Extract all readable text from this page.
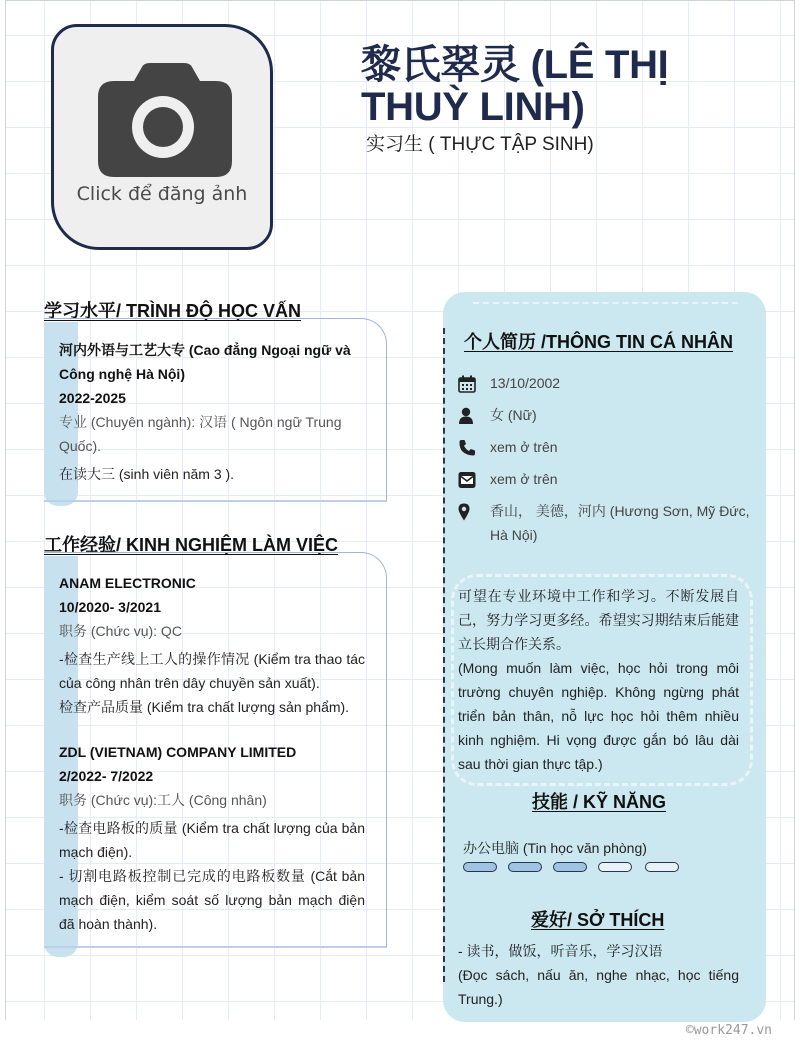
Click để đăng ảnh
黎氏翠灵 (LÊ THỊ THUỲ LINH)
实习生 ( THỰC TẬP SINH)
学习水平/ TRÌNH ĐỘ HỌC VẤN
河内外语与工艺大专 (Cao đẳng Ngoại ngữ và Công nghệ Hà Nội)
2022-2025
专业 (Chuyên ngành): 汉语 ( Ngôn ngữ Trung Quốc).
在读大三 (sinh viên năm 3 ).
工作经验/ KINH NGHIỆM LÀM VIỆC
ANAM ELECTRONIC
10/2020- 3/2021
职务 (Chức vụ): QC
-检查生产线上工人的操作情况 (Kiểm tra thao tác của công nhân trên dây chuyền sản xuất).
检查产品质量 (Kiểm tra chất lượng sản phẩm).
ZDL (VIETNAM) COMPANY LIMITED
2/2022- 7/2022
职务 (Chức vụ):工人 (Công nhân)
-检查电路板的质量 (Kiểm tra chất lượng của bản mạch điện).
- 切割电路板控制已完成的电路板数量 (Cắt bản mạch điện, kiểm soát số lượng bản mạch điện đã hoàn thành).
个人简历 /THÔNG TIN CÁ NHÂN
13/10/2002
女 (Nữ)
xem ở trên
xem ở trên
香山， 美德，河内 (Hương Sơn, Mỹ Đức, Hà Nội)
可望在专业环境中工作和学习。不断发展自己，努力学习更多经。希望实习期结束后能建立长期合作关系。
(Mong muốn làm việc, học hỏi trong môi trường chuyên nghiệp. Không ngừng phát triển bản thân, nỗ lực học hỏi thêm nhiều kinh nghiệm. Hi vọng được gắn bó lâu dài sau thời gian thực tập.)
技能 / KỸ NĂNG
办公电脑 (Tin học văn phòng)
爱好/ SỞ THÍCH
- 读书，做饭，听音乐，学习汉语
(Đọc sách, nấu ăn, nghe nhạc, học tiếng Trung.)
©work247.vn
